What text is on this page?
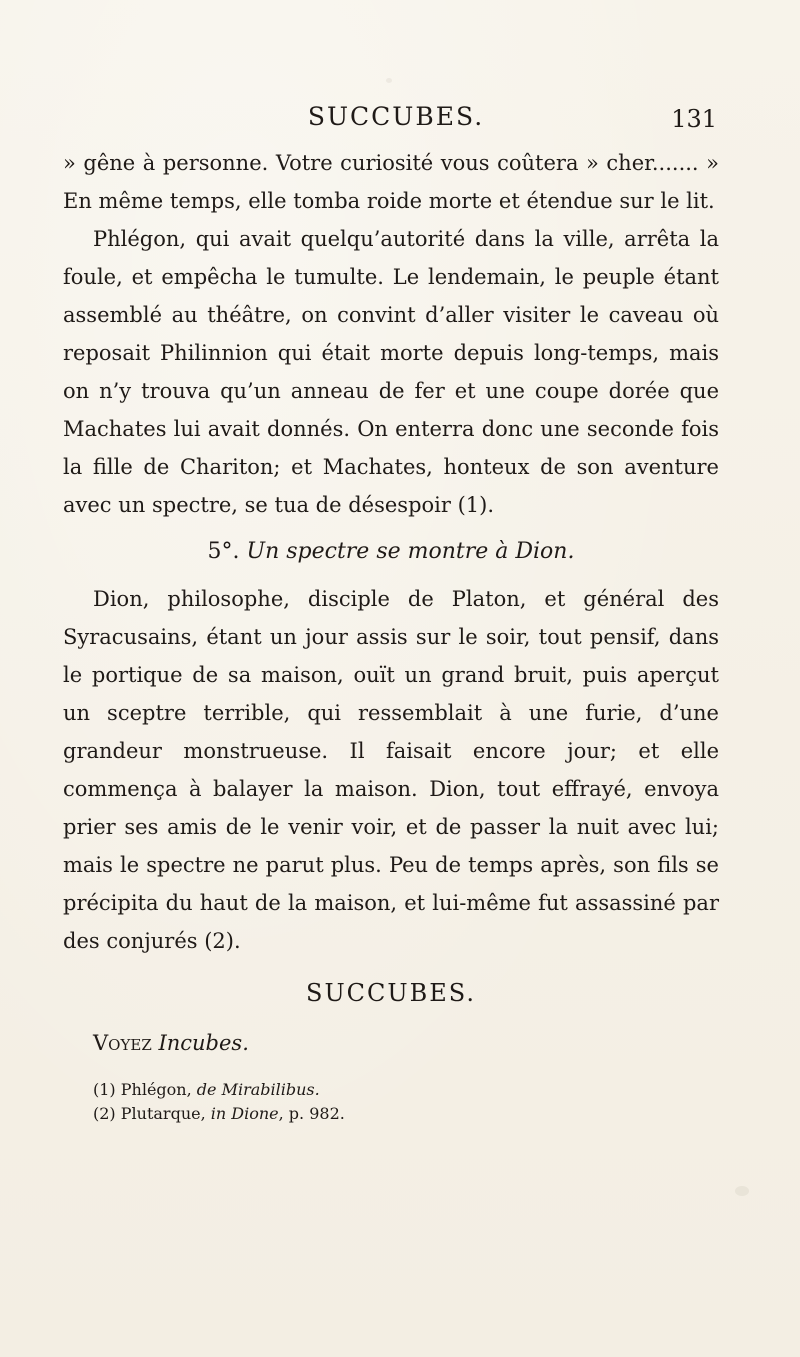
SUCCUBES.	131

» gêne à personne. Votre curiosité vous coûtera » cher....... » En même temps, elle tomba roide morte et étendue sur le lit.

Phlégon, qui avait quelqu’autorité dans la ville, arrêta la foule, et empêcha le tumulte. Le lendemain, le peuple étant assemblé au théâtre, on convint d’aller visiter le caveau où reposait Philinnion qui était morte depuis long-temps, mais on n’y trouva qu’un anneau de fer et une coupe dorée que Machates lui avait donnés. On enterra donc une seconde fois la fille de Chariton; et Machates, honteux de son aventure avec un spectre, se tua de désespoir (1).

5°. Un spectre se montre à Dion.

Dion, philosophe, disciple de Platon, et général des Syracusains, étant un jour assis sur le soir, tout pensif, dans le portique de sa maison, ouït un grand bruit, puis aperçut un sceptre terrible, qui ressemblait à une furie, d’une grandeur monstrueuse. Il faisait encore jour; et elle commença à balayer la maison. Dion, tout effrayé, envoya prier ses amis de le venir voir, et de passer la nuit avec lui; mais le spectre ne parut plus. Peu de temps après, son fils se précipita du haut de la maison, et lui-même fut assassiné par des conjurés (2).

SUCCUBES.

Voyez Incubes.

(1) Phlégon, de Mirabilibus.

(2) Plutarque, in Dione, p. 982.
